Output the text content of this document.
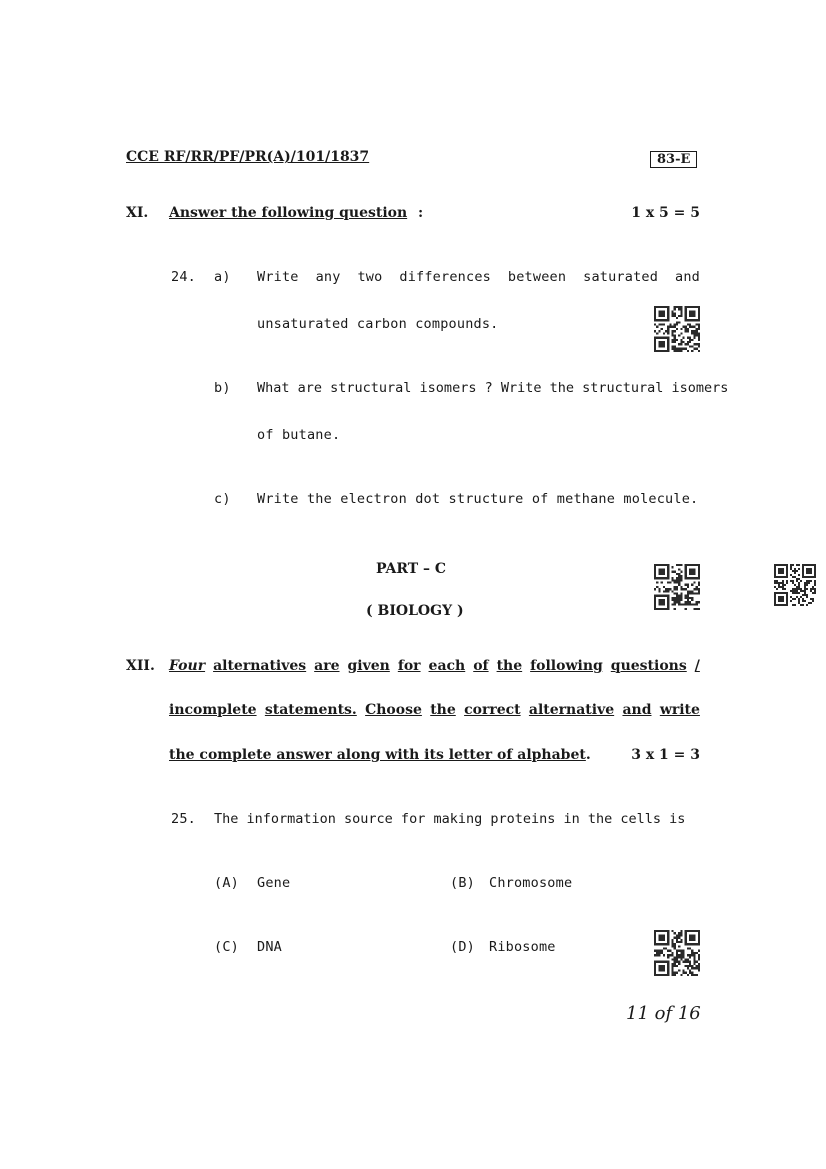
CCE RF/RR/PF/PR(A)/101/1837	83-E
XI. Answer the following question :	1 x 5 = 5
24. a) Write any two differences between saturated and
unsaturated carbon compounds.
b) What are structural isomers ? Write the structural isomers
of butane.
c) Write the electron dot structure of methane molecule.
PART – C
( BIOLOGY )
XII. Four alternatives are given for each of the following questions /
incomplete statements. Choose the correct alternative and write
the complete answer along with its letter of alphabet.	3 x 1 = 3
25. The information source for making proteins in the cells is
(A) Gene	(B) Chromosome
(C) DNA	(D) Ribosome
11 of 16
